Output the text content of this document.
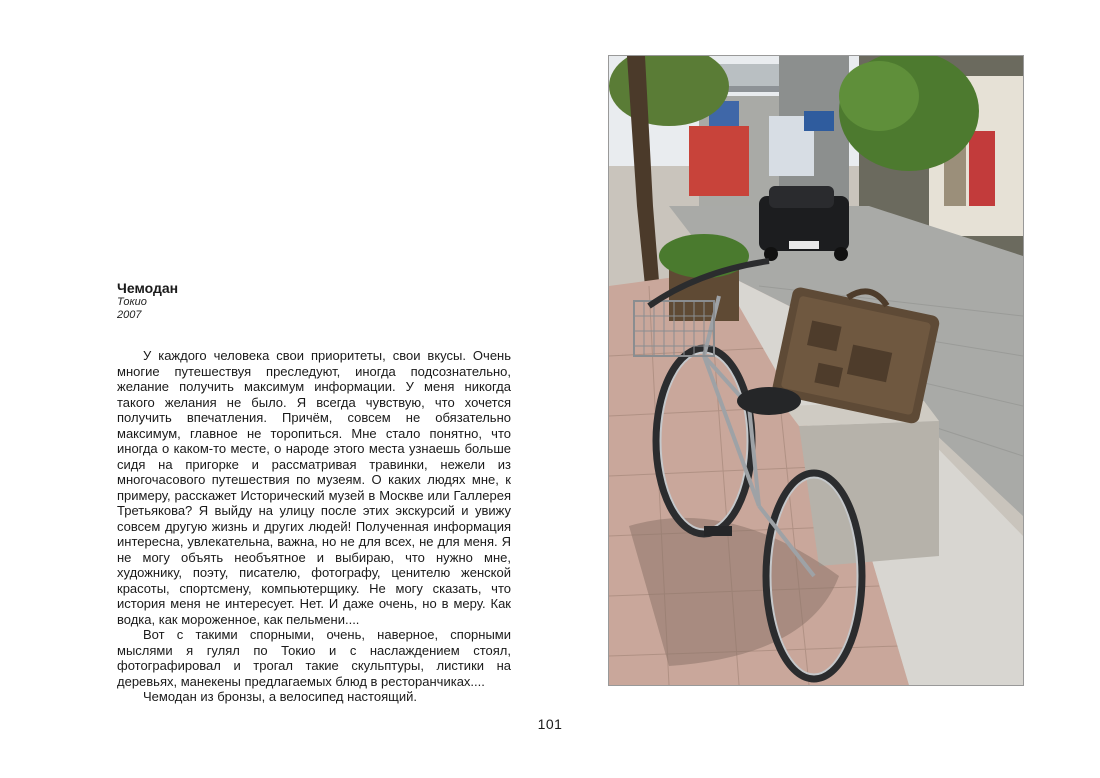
Чемодан
Токио
2007

У каждого человека свои приоритеты, свои вкусы. Очень многие путешествуя преследуют, иногда подсознательно, желание получить максимум информации. У меня никогда такого желания не было. Я всегда чувствую, что хочется получить впечатления. Причём, совсем не обязательно максимум, главное не торопиться. Мне стало понятно, что иногда о каком-то месте, о народе этого места узнаешь больше сидя на пригорке и рассматривая травинки, нежели из многочасового путешествия по музеям. О каких людях мне, к примеру, расскажет Исторический музей в Москве или Галлерея Третьякова? Я выйду на улицу после этих экскурсий и увижу совсем другую жизнь и других людей! Полученная информация интересна, увлекательна, важна, но не для всех, не для меня. Я не могу объять необъятное и выбираю, что нужно мне, художнику, поэту, писателю, фотографу, ценителю женской красоты, спортсмену, компьютерщику. Не могу сказать, что история меня не интересует. Нет. И даже очень, но в меру. Как водка, как мороженное, как пельмени....

Вот с такими спорными, очень, наверное, спорными мыслями я гулял по Токио и с наслаждением стоял, фотографировал и трогал такие скульптуры, листики на деревьях, манекены предлагаемых блюд в ресторанчиках....

Чемодан из бронзы, а велосипед настоящий.

101
